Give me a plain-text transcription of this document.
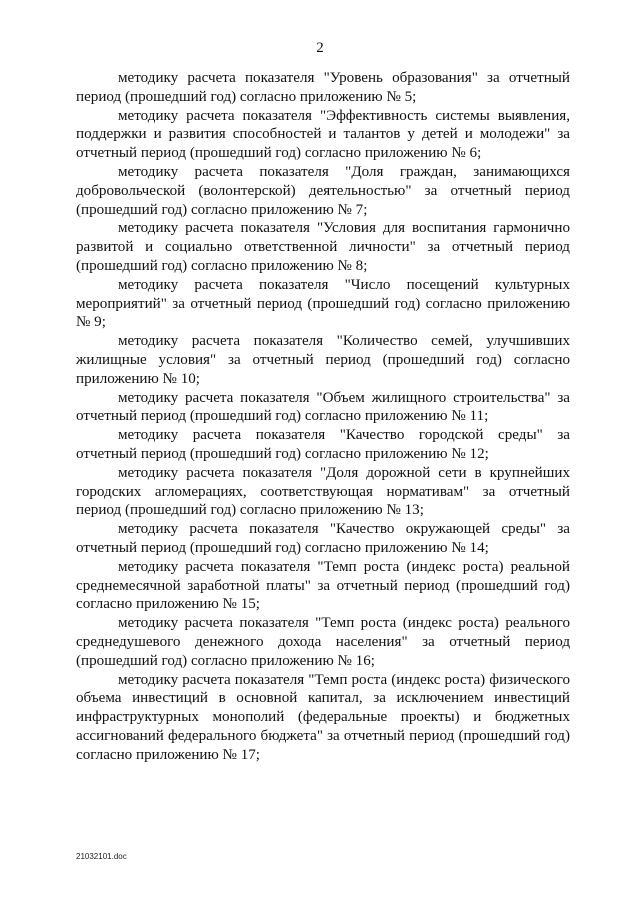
2

методику расчета показателя "Уровень образования" за отчетный период (прошедший год) согласно приложению № 5;

методику расчета показателя "Эффективность системы выявления, поддержки и развития способностей и талантов у детей и молодежи" за отчетный период (прошедший год) согласно приложению № 6;

методику расчета показателя "Доля граждан, занимающихся добровольческой (волонтерской) деятельностью" за отчетный период (прошедший год) согласно приложению № 7;

методику расчета показателя "Условия для воспитания гармонично развитой и социально ответственной личности" за отчетный период (прошедший год) согласно приложению № 8;

методику расчета показателя "Число посещений культурных мероприятий" за отчетный период (прошедший год) согласно приложению № 9;

методику расчета показателя "Количество семей, улучшивших жилищные условия" за отчетный период (прошедший год) согласно приложению № 10;

методику расчета показателя "Объем жилищного строительства" за отчетный период (прошедший год) согласно приложению № 11;

методику расчета показателя "Качество городской среды" за отчетный период (прошедший год) согласно приложению № 12;

методику расчета показателя "Доля дорожной сети в крупнейших городских агломерациях, соответствующая нормативам" за отчетный период (прошедший год) согласно приложению № 13;

методику расчета показателя "Качество окружающей среды" за отчетный период (прошедший год) согласно приложению № 14;

методику расчета показателя "Темп роста (индекс роста) реальной среднемесячной заработной платы" за отчетный период (прошедший год) согласно приложению № 15;

методику расчета показателя "Темп роста (индекс роста) реального среднедушевого денежного дохода населения" за отчетный период (прошедший год) согласно приложению № 16;

методику расчета показателя "Темп роста (индекс роста) физического объема инвестиций в основной капитал, за исключением инвестиций инфраструктурных монополий (федеральные проекты) и бюджетных ассигнований федерального бюджета" за отчетный период (прошедший год) согласно приложению № 17;

21032101.doc
